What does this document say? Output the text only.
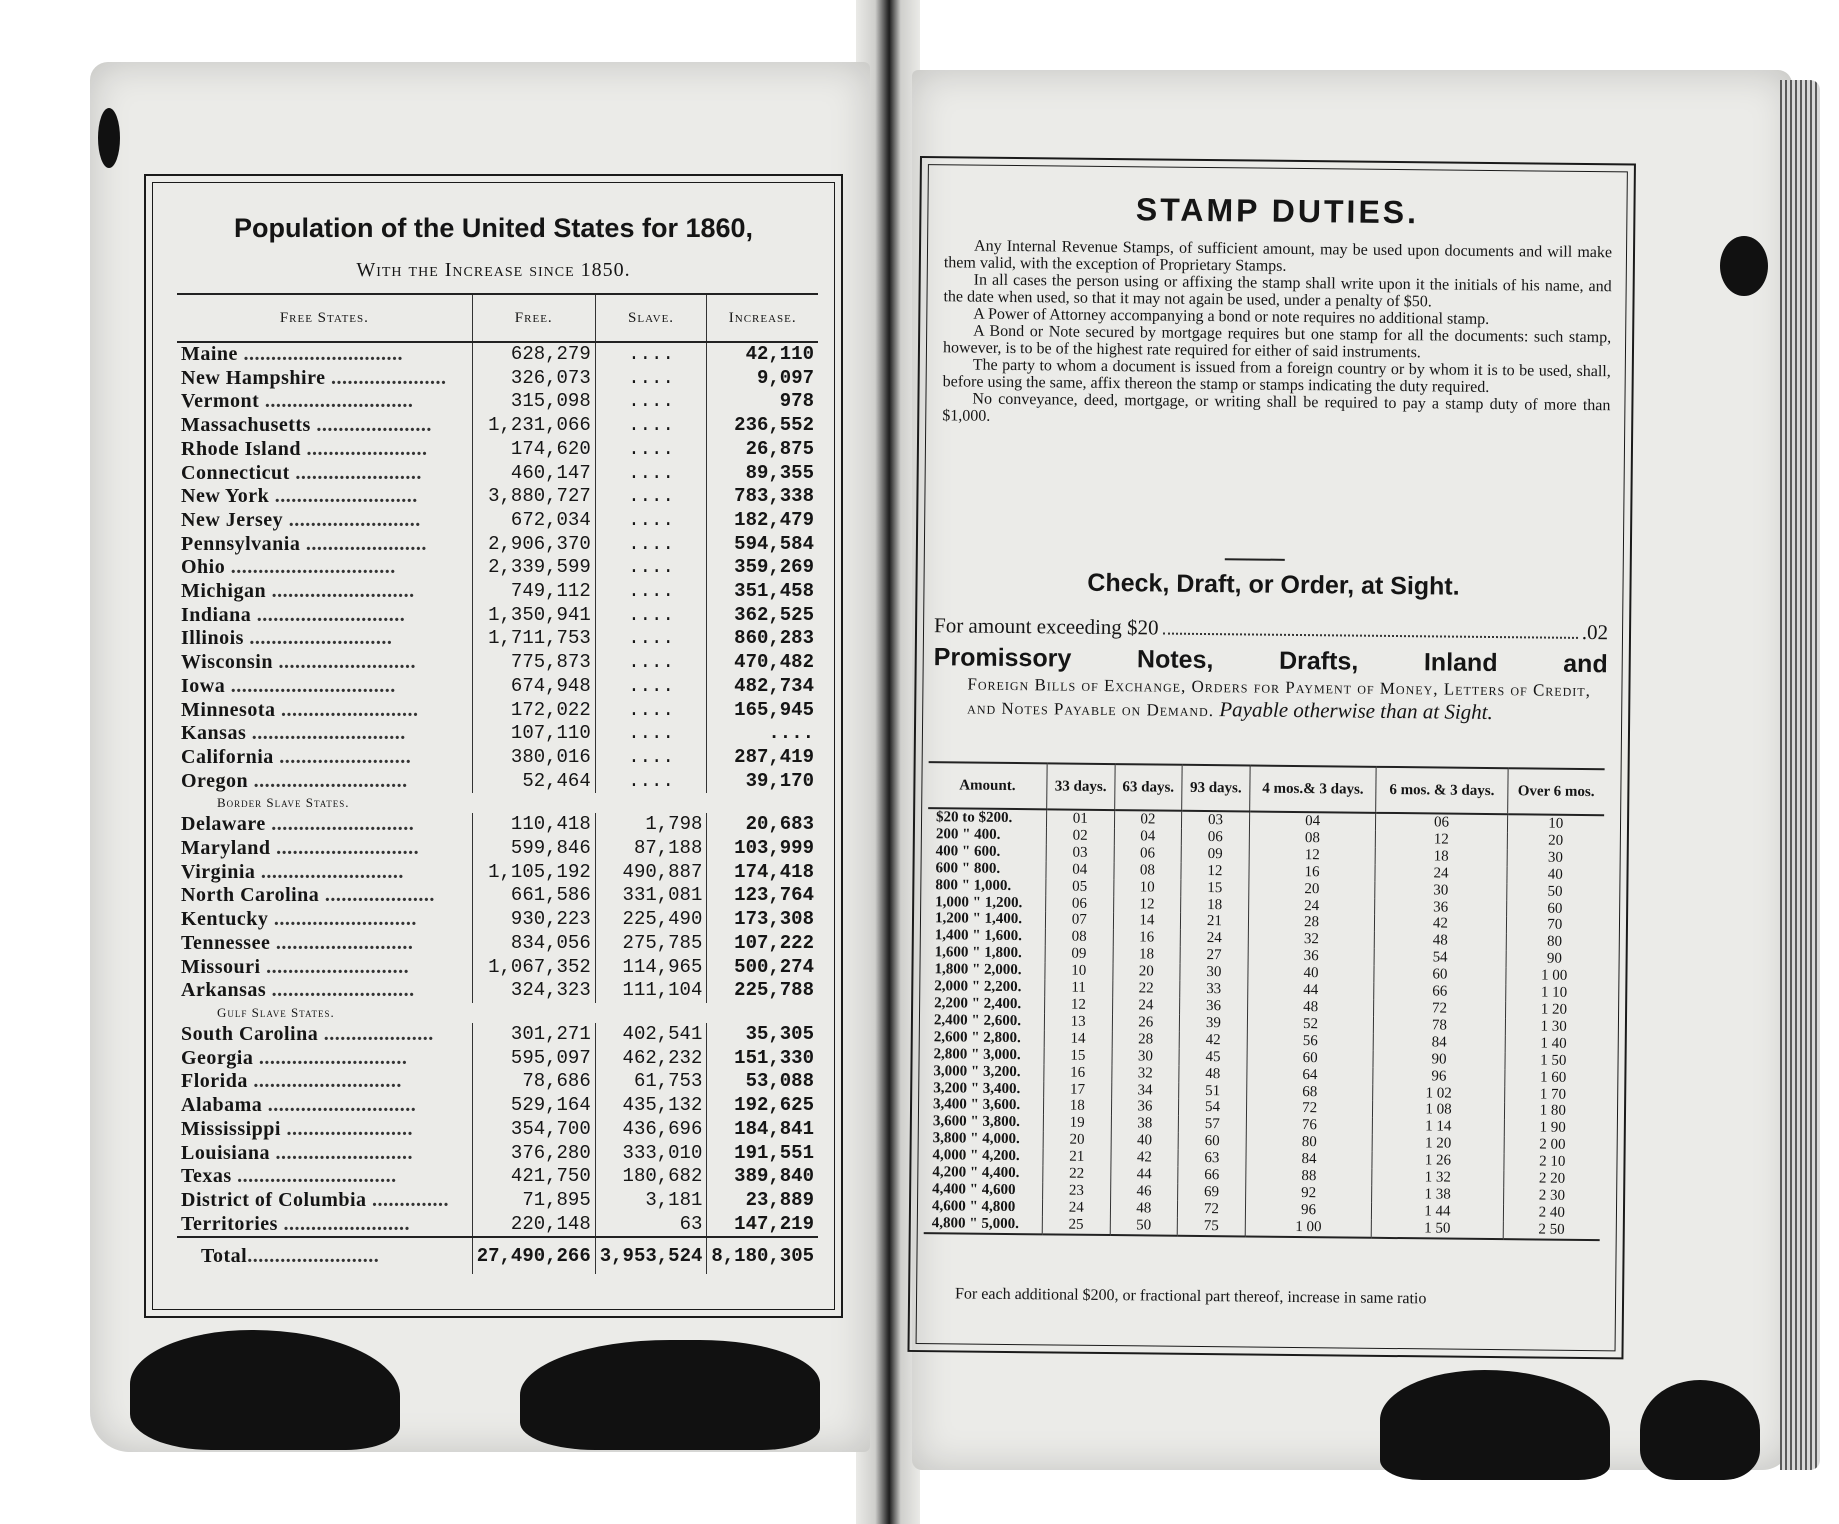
Population of the United States for 1860,
With the Increase since 1850.
Free States.	Free.	Slave.	Increase.
Maine .............................	628,279	....	42,110
New Hampshire .....................	326,073	....	9,097
Vermont ...........................	315,098	....	978
Massachusetts .....................	1,231,066	....	236,552
Rhode Island ......................	174,620	....	26,875
Connecticut .......................	460,147	....	89,355
New York ..........................	3,880,727	....	783,338
New Jersey ........................	672,034	....	182,479
Pennsylvania ......................	2,906,370	....	594,584
Ohio ..............................	2,339,599	....	359,269
Michigan ..........................	749,112	....	351,458
Indiana ...........................	1,350,941	....	362,525
Illinois ..........................	1,711,753	....	860,283
Wisconsin .........................	775,873	....	470,482
Iowa ..............................	674,948	....	482,734
Minnesota .........................	172,022	....	165,945
Kansas ............................	107,110	....	....
California ........................	380,016	....	287,419
Oregon ............................	52,464	....	39,170
Border Slave States.			
Delaware ..........................	110,418	1,798	20,683
Maryland ..........................	599,846	87,188	103,999
Virginia ..........................	1,105,192	490,887	174,418
North Carolina ....................	661,586	331,081	123,764
Kentucky ..........................	930,223	225,490	173,308
Tennessee .........................	834,056	275,785	107,222
Missouri ..........................	1,067,352	114,965	500,274
Arkansas ..........................	324,323	111,104	225,788
Gulf Slave States.			
South Carolina ....................	301,271	402,541	35,305
Georgia ...........................	595,097	462,232	151,330
Florida ...........................	78,686	61,753	53,088
Alabama ...........................	529,164	435,132	192,625
Mississippi .......................	354,700	436,696	184,841
Louisiana .........................	376,280	333,010	191,551
Texas .............................	421,750	180,682	389,840
District of Columbia ..............	71,895	3,181	23,889
Territories .......................	220,148	63	147,219
Total........................	27,490,266	3,953,524	8,180,305
STAMP DUTIES.

Any Internal Revenue Stamps, of sufficient amount, may be used upon documents and will make them valid, with the exception of Proprietary Stamps.

In all cases the person using or affixing the stamp shall write upon it the initials of his name, and the date when used, so that it may not again be used, under a penalty of $50.

A Power of Attorney accompanying a bond or note requires no additional stamp.

A Bond or Note secured by mortgage requires but one stamp for all the documents: such stamp, however, is to be of the highest rate required for either of said instruments.

The party to whom a document is issued from a foreign country or by whom it is to be used, shall, before using the same, affix thereon the stamp or stamps indicating the duty required.

No conveyance, deed, mortgage, or writing shall be required to pay a stamp duty of more than $1,000.

Check, Draft, or Order, at Sight.
For amount exceeding $20	.02
Promissory	Notes,	Drafts,	Inland	and
Foreign Bills of Exchange, Orders for Payment of Money, Letters of Credit, and Notes Payable on Demand. Payable otherwise than at Sight.
Amount.	33 days.	63 days.	93 days.	4 mos.& 3 days.	6 mos. & 3 days.	Over 6 mos.
$20 to $200.	01	02	03	04	06	10
200 " 400.	02	04	06	08	12	20
400 " 600.	03	06	09	12	18	30
600 " 800.	04	08	12	16	24	40
800 " 1,000.	05	10	15	20	30	50
1,000 " 1,200.	06	12	18	24	36	60
1,200 " 1,400.	07	14	21	28	42	70
1,400 " 1,600.	08	16	24	32	48	80
1,600 " 1,800.	09	18	27	36	54	90
1,800 " 2,000.	10	20	30	40	60	1 00
2,000 " 2,200.	11	22	33	44	66	1 10
2,200 " 2,400.	12	24	36	48	72	1 20
2,400 " 2,600.	13	26	39	52	78	1 30
2,600 " 2,800.	14	28	42	56	84	1 40
2,800 " 3,000.	15	30	45	60	90	1 50
3,000 " 3,200.	16	32	48	64	96	1 60
3,200 " 3,400.	17	34	51	68	1 02	1 70
3,400 " 3,600.	18	36	54	72	1 08	1 80
3,600 " 3,800.	19	38	57	76	1 14	1 90
3,800 " 4,000.	20	40	60	80	1 20	2 00
4,000 " 4,200.	21	42	63	84	1 26	2 10
4,200 " 4,400.	22	44	66	88	1 32	2 20
4,400 " 4,600	23	46	69	92	1 38	2 30
4,600 " 4,800	24	48	72	96	1 44	2 40
4,800 " 5,000.	25	50	75	1 00	1 50	2 50
For each additional $200, or fractional part thereof, increase in same ratio
